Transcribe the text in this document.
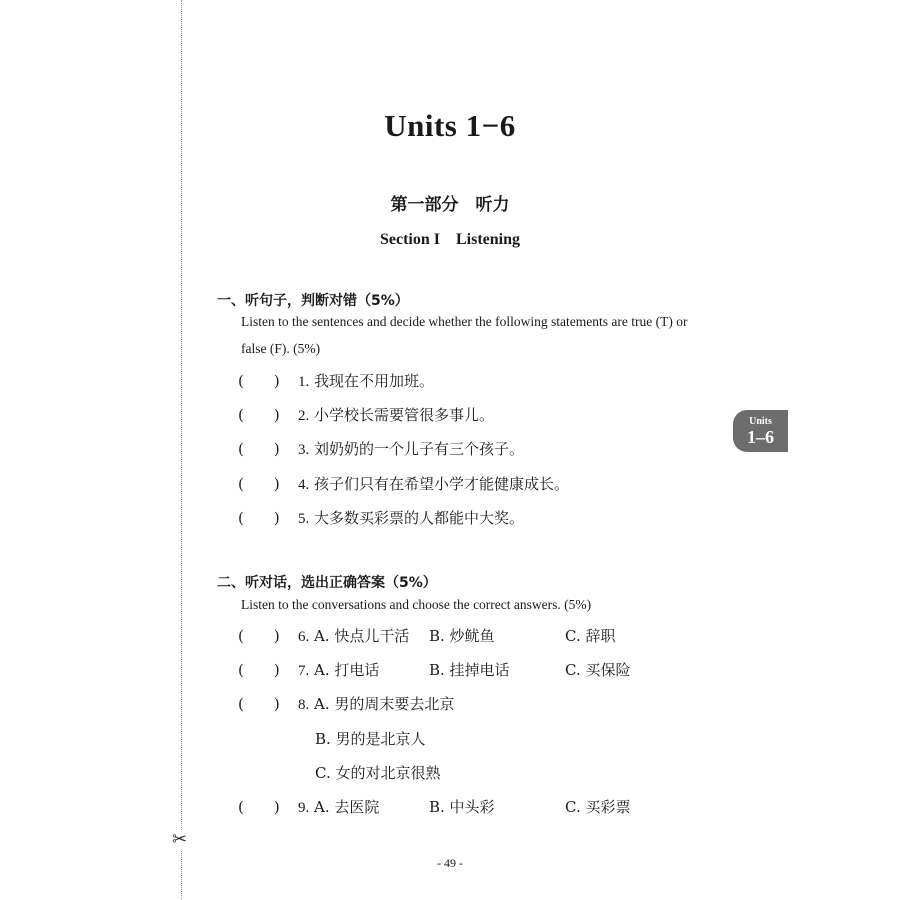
✂
Units 1−6
第一部分　听力
Section I　Listening
Units
1–6
一、听句子，判断对错（5%）
Listen to the sentences and decide whether the following statements are true (T) or
false (F). (5%)
(　　) 1. 我现在不用加班。
(　　) 2. 小学校长需要管很多事儿。
(　　) 3. 刘奶奶的一个儿子有三个孩子。
(　　) 4. 孩子们只有在希望小学才能健康成长。
(　　) 5. 大多数买彩票的人都能中大奖。
二、听对话，选出正确答案（5%）
Listen to the conversations and choose the correct answers. (5%)
(　　) 6. A. 快点儿干活 B. 炒鱿鱼	C. 辞职
(　　) 7. A. 打电话	B. 挂掉电话	C. 买保险
(　　) 8. A. 男的周末要去北京
B. 男的是北京人
C. 女的对北京很熟
(　　) 9. A. 去医院	B. 中头彩	C. 买彩票
- 49 -
